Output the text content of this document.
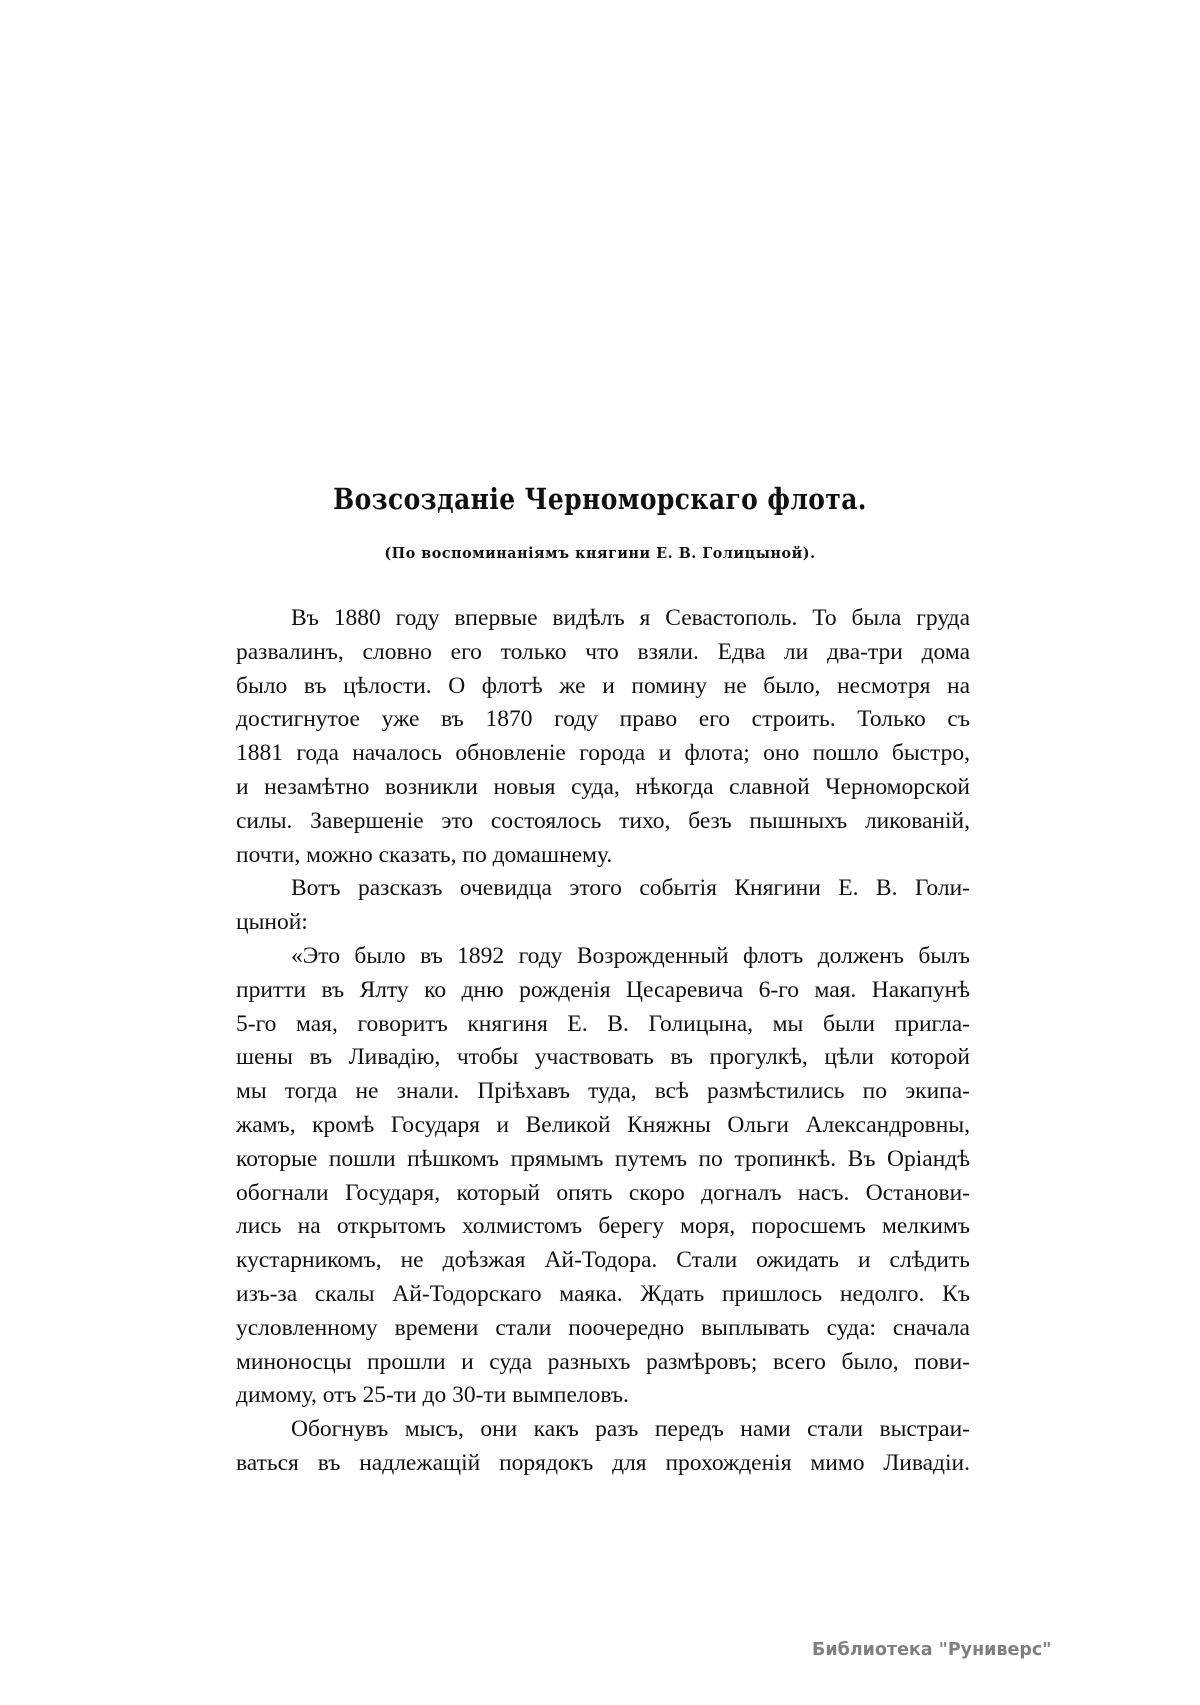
Возсозданіе Черноморскаго флота.
(По воспоминаніямъ княгини Е. В. Голицыной).
Въ 1880 году впервые видѣлъ я Севастополь. То была груда
развалинъ, словно его только что взяли. Едва ли два-три дома
было въ цѣлости. О флотѣ же и помину не было, несмотря на
достигнутое уже въ 1870 году право его строить. Только съ
1881 года началось обновленіе города и флота; оно пошло быстро,
и незамѣтно возникли новыя суда, нѣкогда славной Черноморской
силы. Завершеніе это состоялось тихо, безъ пышныхъ ликованій,
почти, можно сказать, по домашнему.
Вотъ разсказъ очевидца этого событія Княгини Е. В. Голи-
цыной:
«Это было въ 1892 году Возрожденный флотъ долженъ былъ
притти въ Ялту ко дню рожденія Цесаревича 6-го мая. Накапунѣ
5-го мая, говоритъ княгиня Е. В. Голицына, мы были пригла-
шены въ Ливадію, чтобы участвовать въ прогулкѣ, цѣли которой
мы тогда не знали. Пріѣхавъ туда, всѣ размѣстились по экипа-
жамъ, кромѣ Государя и Великой Княжны Ольги Александровны,
которые пошли пѣшкомъ прямымъ путемъ по тропинкѣ. Въ Оріандѣ
обогнали Государя, который опять скоро догналъ насъ. Останови-
лись на открытомъ холмистомъ берегу моря, поросшемъ мелкимъ
кустарникомъ, не доѣзжая Ай-Тодора. Стали ожидать и слѣдить
изъ-за скалы Ай-Тодорскаго маяка. Ждать пришлось недолго. Къ
условленному времени стали поочередно выплывать суда: сначала
миноносцы прошли и суда разныхъ размѣровъ; всего было, пови-
димому, отъ 25-ти до 30-ти вымпеловъ.
Обогнувъ мысъ, они какъ разъ передъ нами стали выстраи-
ваться въ надлежащій порядокъ для прохожденія мимо Ливадіи.
Библиотека "Руниверс"
